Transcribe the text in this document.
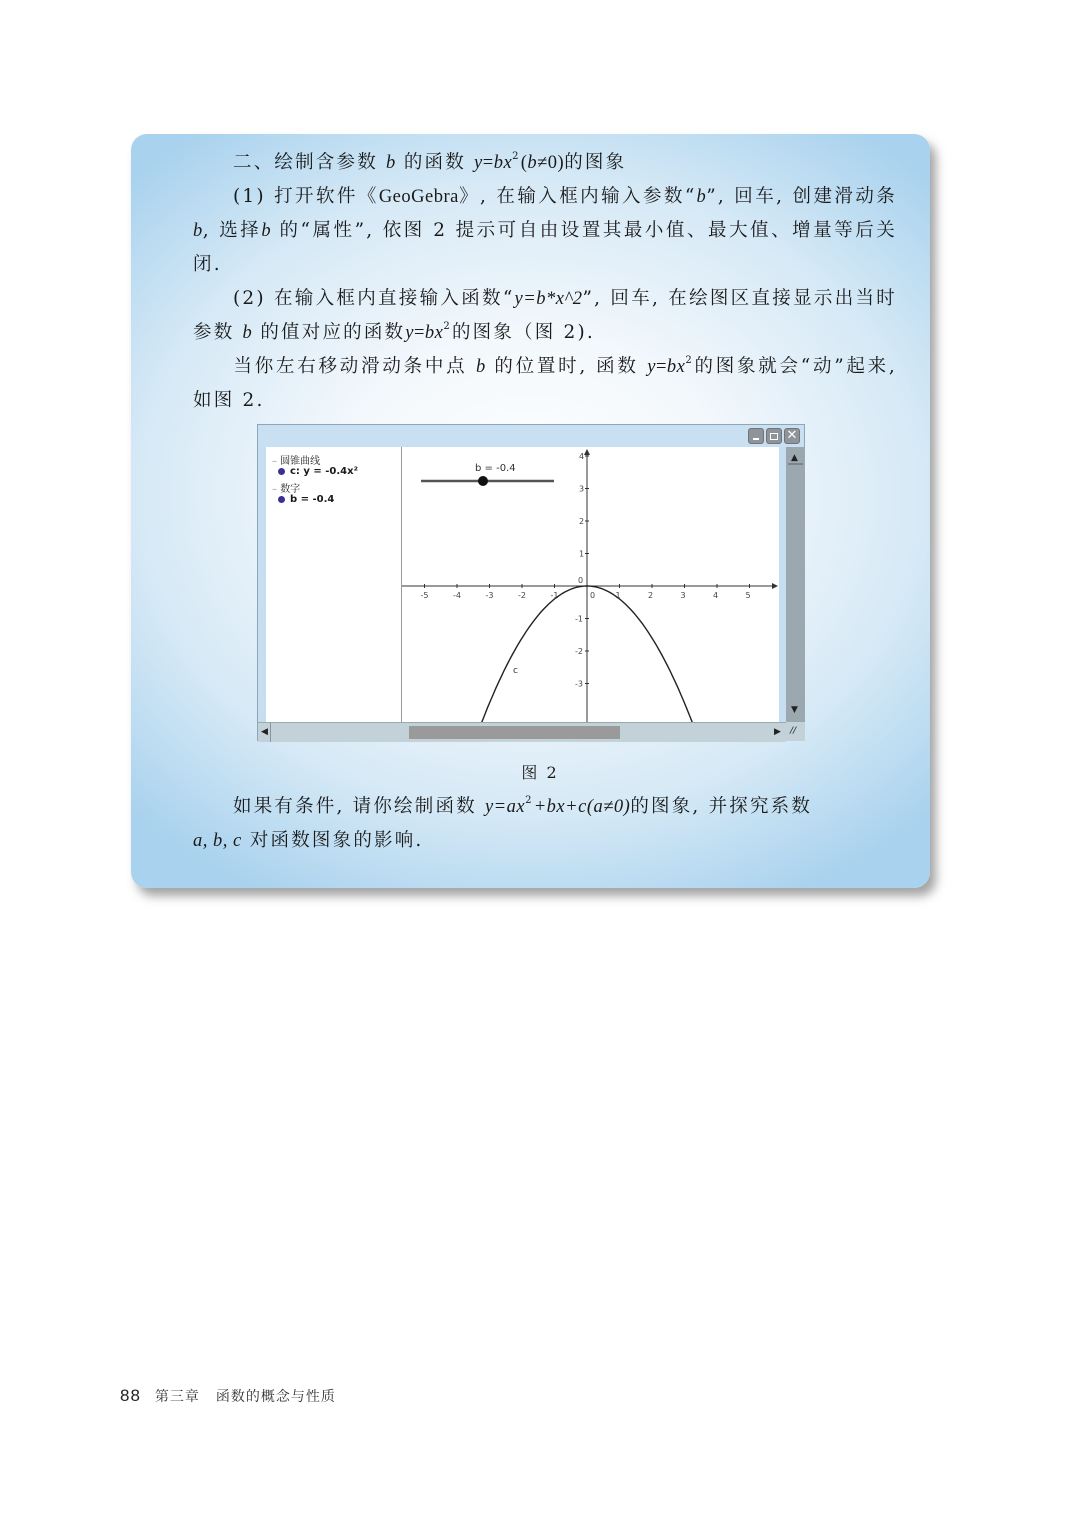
二、绘制含参数 b 的函数 $y=bx^2(b\ne 0)$的图象
(1) 打开软件《GeoGebra》, 在输入框内输入参数“b”, 回车, 创建滑动条b, 选择b 的“属性”, 依图 2 提示可自由设置其最小值、最大值、增量等后关闭.
(2) 在输入框内直接输入函数“y=b*x^2”, 回车, 在绘图区直接显示出当时参数 b 的值对应的函数$y=bx^2$的图象（图 2).
当你左右移动滑动条中点 b 的位置时, 函数 $y=bx^2$的图象就会“动”起来, 如图 2.
✕
– 圆锥曲线
c: y = -0.4x²
– 数字
b = -0.4
-5	-4	-3	-2	-1	0	1	2	3	4	5
4
3
2
1
-1
-2
-3
0
c
b = -0.4
▲
▼
◀	▶ //
图 2
如果有条件, 请你绘制函数 $y=ax^2+bx+c(a\ne 0)$的图象, 并探究系数
a, b, c 对函数图象的影响.
88 第三章 函数的概念与性质
